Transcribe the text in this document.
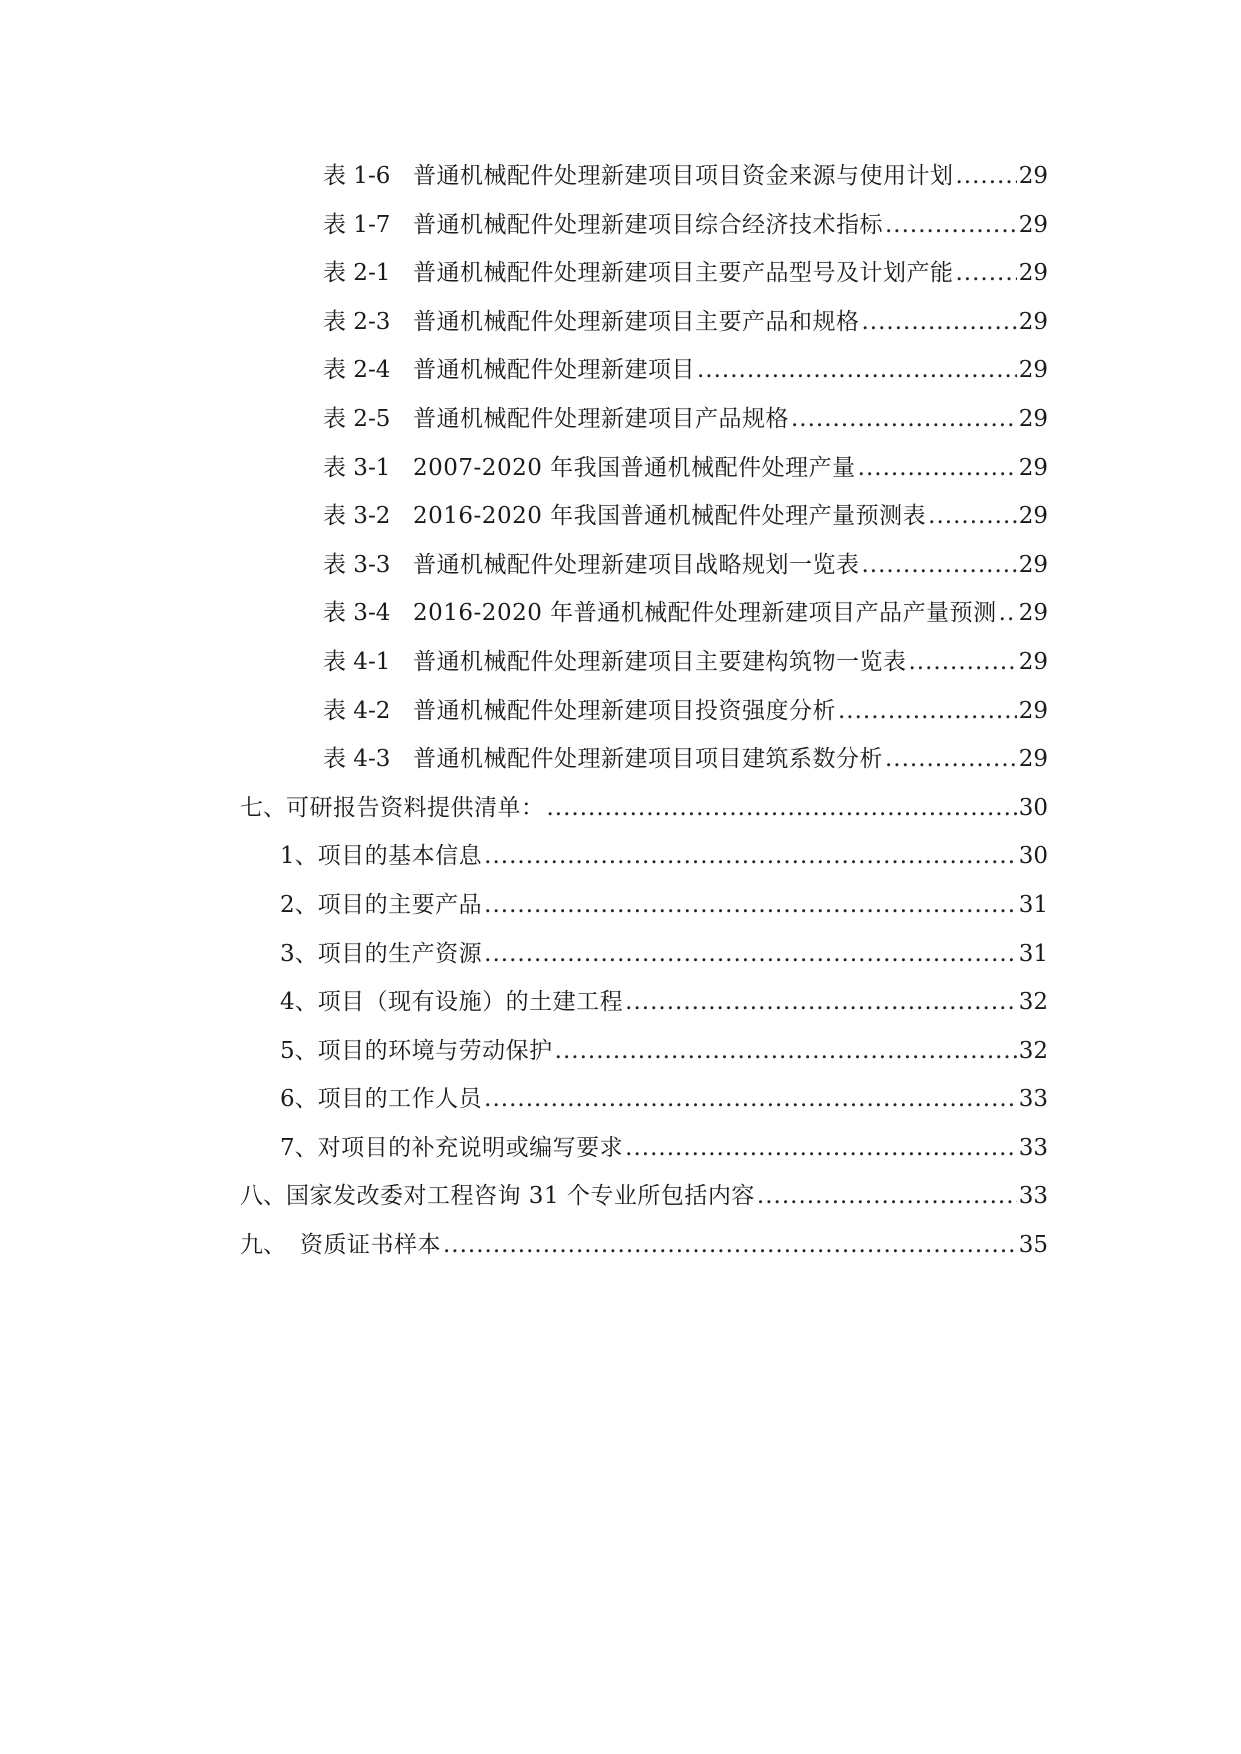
表 1-6 普通机械配件处理新建项目项目资金来源与使用计划 .....	29
表 1-7 普通机械配件处理新建项目综合经济技术指标 .....	29
表 2-1 普通机械配件处理新建项目主要产品型号及计划产能 .....	29
表 2-3 普通机械配件处理新建项目主要产品和规格 .....	29
表 2-4 普通机械配件处理新建项目 .....	29
表 2-5 普通机械配件处理新建项目产品规格 .....	29
表 3-1 2007-2020 年我国普通机械配件处理产量 .....	29
表 3-2 2016-2020 年我国普通机械配件处理产量预测表 .....	29
表 3-3 普通机械配件处理新建项目战略规划一览表 .....	29
表 3-4 2016-2020 年普通机械配件处理新建项目产品产量预测 ..... 29
表 4-1 普通机械配件处理新建项目主要建构筑物一览表 .....	29
表 4-2 普通机械配件处理新建项目投资强度分析 .....	29
表 4-3 普通机械配件处理新建项目项目建筑系数分析 .....	29
七、 可研报告资料提供清单： .....	30
1、 项目的基本信息 .....	30
2、 项目的主要产品 .....	31
3、 项目的生产资源 .....	31
4、 项目（现有设施）的土建工程 .....	32
5、 项目的环境与劳动保护 .....	32
6、 项目的工作人员 .....	33
7、 对项目的补充说明或编写要求 .....	33
八、 国家发改委对工程咨询 31 个专业所包括内容 .....	33
九、 资质证书样本 .....	35
